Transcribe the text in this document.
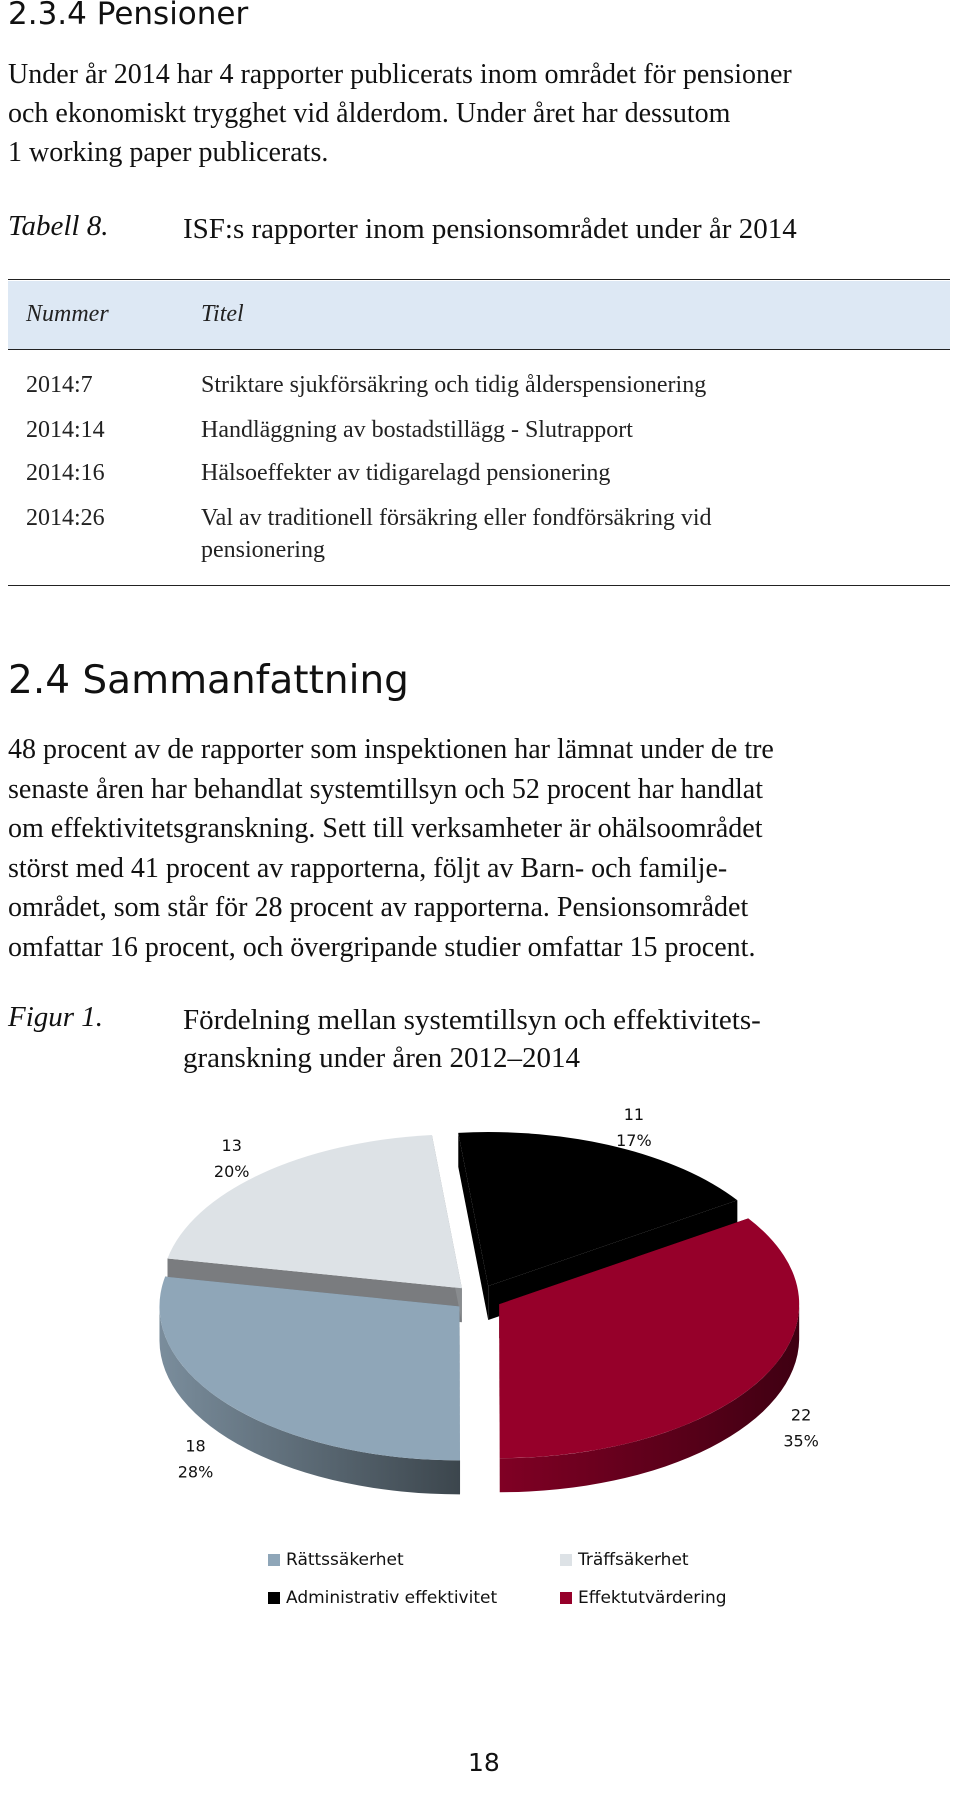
2.3.4 Pensioner

Under år 2014 har 4 rapporter publicerats inom området för pensioner

och ekonomiskt trygghet vid ålderdom. Under året har dessutom

1 working paper publicerats.

Tabell 8.	ISF:s rapporter inom pensionsområdet under år 2014
Nummer	Titel
2014:7	Striktare sjukförsäkring och tidig ålderspensionering
2014:14	Handläggning av bostadstillägg - Slutrapport
2014:16	Hälsoeffekter av tidigarelagd pensionering
2014:26	Val av traditionell försäkring eller fondförsäkring vid
pensionering
2.4 Sammanfattning

48 procent av de rapporter som inspektionen har lämnat under de tre

senaste åren har behandlat systemtillsyn och 52 procent har handlat

om effektivitetsgranskning. Sett till verksamheter är ohälsoområdet

störst med 41 procent av rapporterna, följt av Barn- och familje-

området, som står för 28 procent av rapporterna. Pensionsområdet

omfattar 16 procent, och övergripande studier omfattar 15 procent.

Figur 1.	Fördelning mellan systemtillsyn och effektivitets-
granskning under åren 2012–2014
11
17%
22
35%
18
28%
13
20%
Rättssäkerhet	Träffsäkerhet
Administrativ effektivitet	Effektutvärdering
18
